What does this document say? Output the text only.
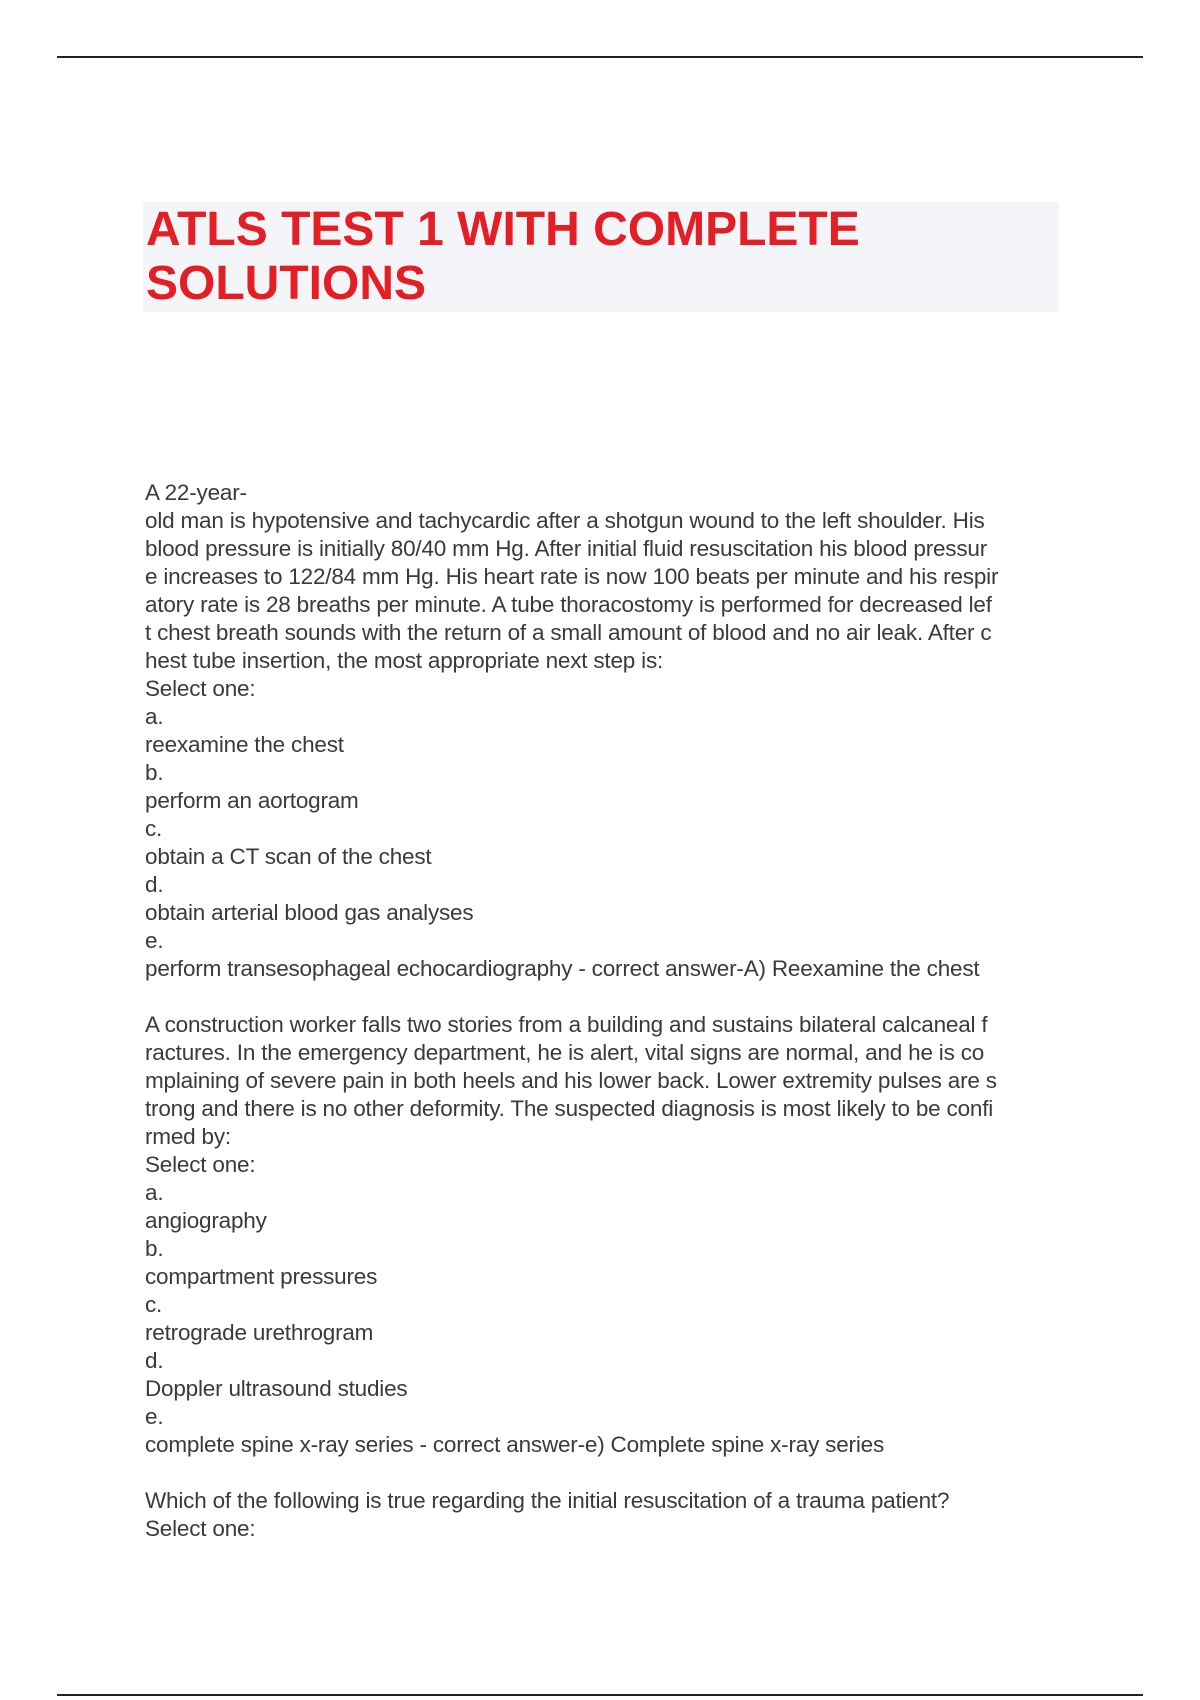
ATLS TEST 1 WITH COMPLETE
SOLUTIONS
A 22-year-
old man is hypotensive and tachycardic after a shotgun wound to the left shoulder. His
blood pressure is initially 80/40 mm Hg. After initial fluid resuscitation his blood pressur
e increases to 122/84 mm Hg. His heart rate is now 100 beats per minute and his respir
atory rate is 28 breaths per minute. A tube thoracostomy is performed for decreased lef
t chest breath sounds with the return of a small amount of blood and no air leak. After c
hest tube insertion, the most appropriate next step is:
Select one:
a.
reexamine the chest
b.
perform an aortogram
c.
obtain a CT scan of the chest
d.
obtain arterial blood gas analyses
e.
perform transesophageal echocardiography - correct answer-A) Reexamine the chest
A construction worker falls two stories from a building and sustains bilateral calcaneal f
ractures. In the emergency department, he is alert, vital signs are normal, and he is co
mplaining of severe pain in both heels and his lower back. Lower extremity pulses are s
trong and there is no other deformity. The suspected diagnosis is most likely to be confi
rmed by:
Select one:
a.
angiography
b.
compartment pressures
c.
retrograde urethrogram
d.
Doppler ultrasound studies
e.
complete spine x-ray series - correct answer-e) Complete spine x-ray series
Which of the following is true regarding the initial resuscitation of a trauma patient?
Select one:
